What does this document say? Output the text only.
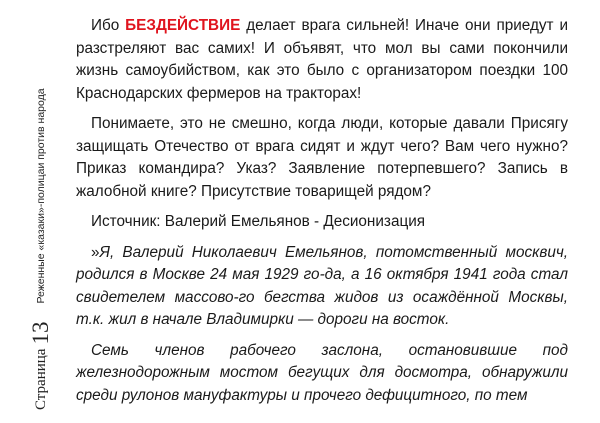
Страница
13
Реженные «казаки»-полицаи против народа

Ибо БЕЗДЕЙСТВИЕ делает врага сильней! Иначе они приедут и разстреляют вас самих! И объявят, что мол вы сами покончили жизнь самоубийством, как это было с организатором поездки 100 Краснодарских фермеров на тракторах!

Понимаете, это не смешно, когда люди, которые давали Присягу защищать Отечество от врага сидят и ждут чего? Вам чего нужно? Приказ командира? Указ? Заявление потерпевшего? Запись в жалобной книге? Присутствие товарищей рядом?

Источник: Валерий Емельянов - Десионизация

»Я, Валерий Николаевич Емельянов, потомственный москвич, родился в Москве 24 мая 1929 го-да, а 16 октября 1941 года стал свидетелем массово-го бегства жидов из осаждённой Москвы, т.к. жил в начале Владимирки — дороги на восток.

Семь членов рабочего заслона, остановившие под железнодорожным мостом бегущих для досмотра, обнаружили среди рулонов мануфактуры и прочего дефицитного, по тем
